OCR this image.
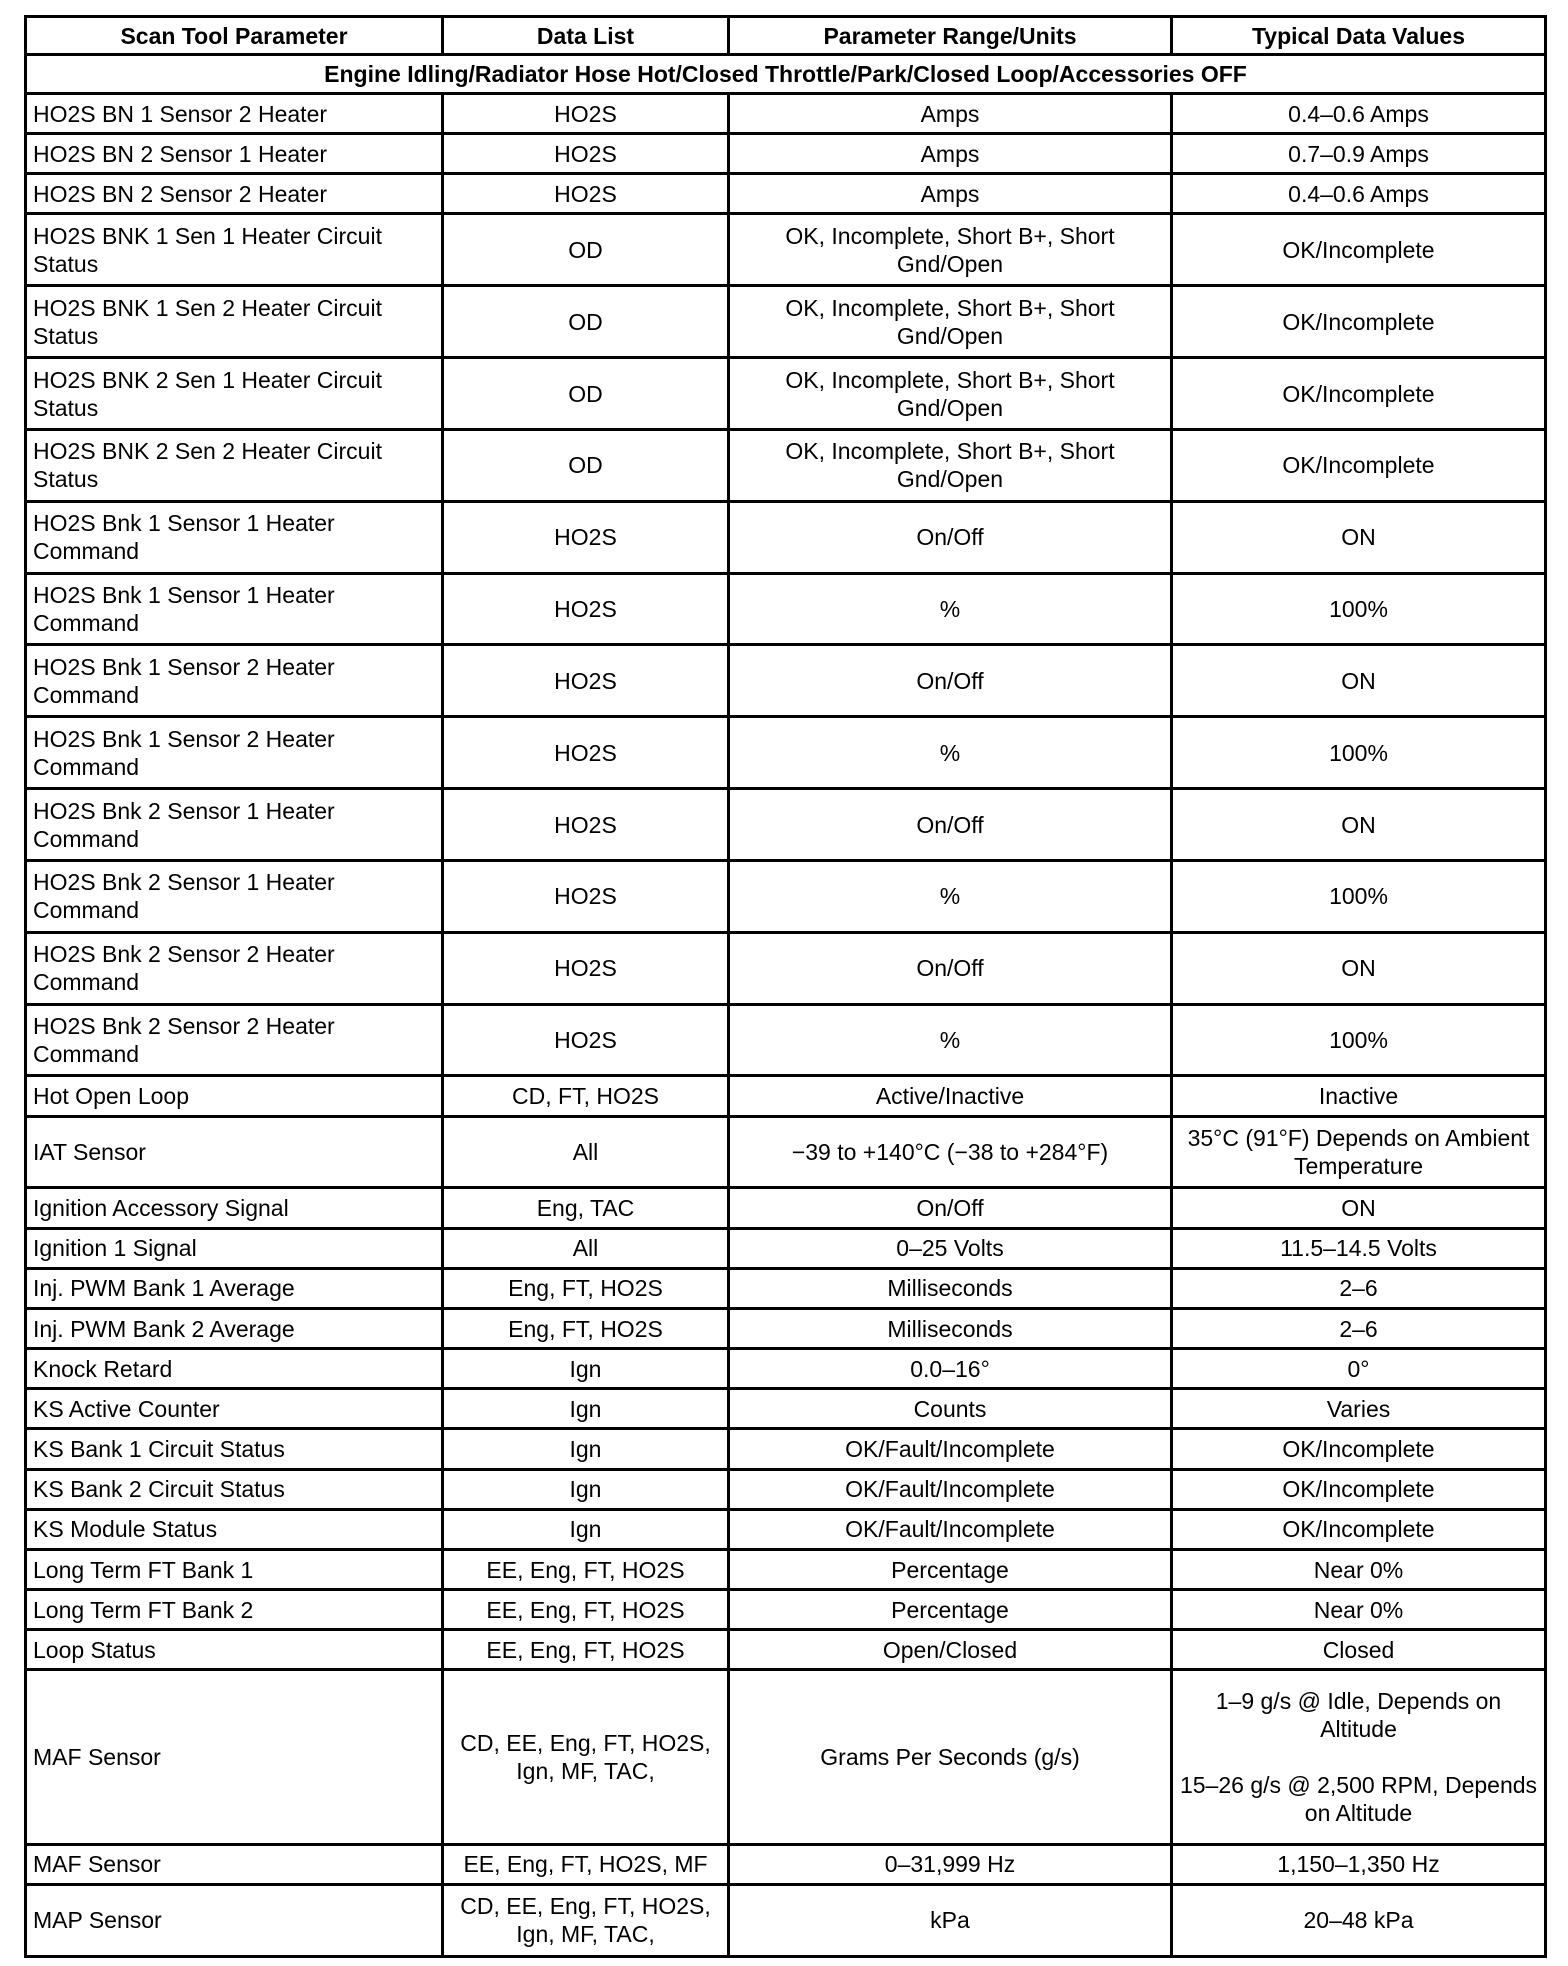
Scan Tool Parameter	Data List	Parameter Range/Units	Typical Data Values
Engine Idling/Radiator Hose Hot/Closed Throttle/Park/Closed Loop/Accessories OFF			
HO2S BN 1 Sensor 2 Heater	HO2S	Amps	0.4–0.6 Amps
HO2S BN 2 Sensor 1 Heater	HO2S	Amps	0.7–0.9 Amps
HO2S BN 2 Sensor 2 Heater	HO2S	Amps	0.4–0.6 Amps
HO2S BNK 1 Sen 1 Heater Circuit Status	OD	OK, Incomplete, Short B+, Short Gnd/Open	OK/Incomplete
HO2S BNK 1 Sen 2 Heater Circuit Status	OD	OK, Incomplete, Short B+, Short Gnd/Open	OK/Incomplete
HO2S BNK 2 Sen 1 Heater Circuit Status	OD	OK, Incomplete, Short B+, Short Gnd/Open	OK/Incomplete
HO2S BNK 2 Sen 2 Heater Circuit Status	OD	OK, Incomplete, Short B+, Short Gnd/Open	OK/Incomplete
HO2S Bnk 1 Sensor 1 Heater Command	HO2S	On/Off	ON
HO2S Bnk 1 Sensor 1 Heater Command	HO2S	%	100%
HO2S Bnk 1 Sensor 2 Heater Command	HO2S	On/Off	ON
HO2S Bnk 1 Sensor 2 Heater Command	HO2S	%	100%
HO2S Bnk 2 Sensor 1 Heater Command	HO2S	On/Off	ON
HO2S Bnk 2 Sensor 1 Heater Command	HO2S	%	100%
HO2S Bnk 2 Sensor 2 Heater Command	HO2S	On/Off	ON
HO2S Bnk 2 Sensor 2 Heater Command	HO2S	%	100%
Hot Open Loop	CD, FT, HO2S	Active/Inactive	Inactive
IAT Sensor	All	−39 to +140°C (−38 to +284°F)	35°C (91°F) Depends on Ambient Temperature
Ignition Accessory Signal	Eng, TAC	On/Off	ON
Ignition 1 Signal	All	0–25 Volts	11.5–14.5 Volts
Inj. PWM Bank 1 Average	Eng, FT, HO2S	Milliseconds	2–6
Inj. PWM Bank 2 Average	Eng, FT, HO2S	Milliseconds	2–6
Knock Retard	Ign	0.0–16°	0°
KS Active Counter	Ign	Counts	Varies
KS Bank 1 Circuit Status	Ign	OK/Fault/Incomplete	OK/Incomplete
KS Bank 2 Circuit Status	Ign	OK/Fault/Incomplete	OK/Incomplete
KS Module Status	Ign	OK/Fault/Incomplete	OK/Incomplete
Long Term FT Bank 1	EE, Eng, FT, HO2S	Percentage	Near 0%
Long Term FT Bank 2	EE, Eng, FT, HO2S	Percentage	Near 0%
Loop Status	EE, Eng, FT, HO2S	Open/Closed	Closed
MAF Sensor	CD, EE, Eng, FT, HO2S, Ign, MF, TAC,	Grams Per Seconds (g/s)	1–9 g/s @ Idle, Depends on Altitude
15–26 g/s @ 2,500 RPM, Depends on Altitude

MAF Sensor	EE, Eng, FT, HO2S, MF	0–31,999 Hz	1,150–1,350 Hz
MAP Sensor	CD, EE, Eng, FT, HO2S, Ign, MF, TAC,	kPa	20–48 kPa
